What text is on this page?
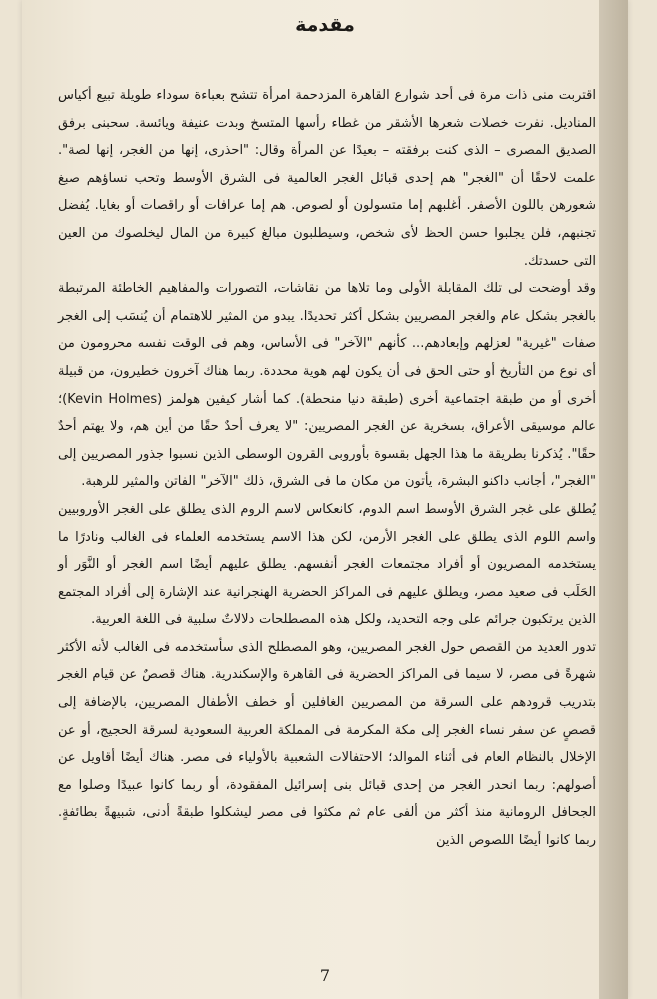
مقدمة

اقتربت منى ذات مرة فى أحد شوارع القاهرة المزدحمة امرأة تتشح بعباءة سوداء طويلة تبيع أكياس المناديل. نفرت خصلات شعرها الأشقر من غطاء رأسها المتسخ وبدت عنيفة ويائسة. سحبنى برفق الصديق المصرى – الذى كنت برفقته – بعيدًا عن المرأة وقال: "احذرى، إنها من الغجر، إنها لصة". علمت لاحقًا أن "الغجر" هم إحدى قبائل الغجر العالمية فى الشرق الأوسط وتحب نساؤهم صبغ شعورهن باللون الأصفر. أغلبهم إما متسولون أو لصوص. هم إما عرافات أو راقصات أو بغايا. يُفضل تجنبهم، فلن يجلبوا حسن الحظ لأى شخص، وسيطلبون مبالغ كبيرة من المال ليخلصوك من العين التى حسدتك.

وقد أوضحت لى تلك المقابلة الأولى وما تلاها من نقاشات، التصورات والمفاهيم الخاطئة المرتبطة بالغجر بشكل عام والغجر المصريين بشكل أكثر تحديدًا. يبدو من المثير للاهتمام أن يُنسَب إلى الغجر صفات "غيرية" لعزلهم وإبعادهم... كأنهم "الآخر" فى الأساس، وهم فى الوقت نفسه محرومون من أى نوع من التأريخ أو حتى الحق فى أن يكون لهم هوية محددة. ربما هناك آخرون خطيرون، من قبيلة أخرى أو من طبقة اجتماعية أخرى (طبقة دنيا منحطة). كما أشار كيفين هولمز (Kevin Holmes)؛ عالم موسيقى الأعراق، بسخرية عن الغجر المصريين: "لا يعرف أحدٌ حقًا من أين هم، ولا يهتم أحدٌ حقًا". يُذكرنا بطريقة ما هذا الجهل بقسوة بأوروبى القرون الوسطى الذين نسبوا جذور المصريين إلى "الغجر"، أجانب داكنو البشرة، يأتون من مكان ما فى الشرق، ذلك "الآخر" الفاتن والمثير للرهبة.

يُطلق على غجر الشرق الأوسط اسم الدوم، كانعكاس لاسم الروم الذى يطلق على الغجر الأوروبيين واسم اللوم الذى يطلق على الغجر الأرمن، لكن هذا الاسم يستخدمه العلماء فى الغالب ونادرًا ما يستخدمه المصريون أو أفراد مجتمعات الغجر أنفسهم. يطلق عليهم أيضًا اسم الغجر أو النَّوَر أو الحَلَب فى صعيد مصر، ويطلق عليهم فى المراكز الحضرية الهنجرانية عند الإشارة إلى أفراد المجتمع الذين يرتكبون جرائم على وجه التحديد، ولكل هذه المصطلحات دلالاتٌ سلبية فى اللغة العربية.

تدور العديد من القصص حول الغجر المصريين، وهو المصطلح الذى سأستخدمه فى الغالب لأنه الأكثر شهرةً فى مصر، لا سيما فى المراكز الحضرية فى القاهرة والإسكندرية. هناك قصصٌ عن قيام الغجر بتدريب قرودهم على السرقة من المصريين الغافلين أو خطف الأطفال المصريين، بالإضافة إلى قصصٍ عن سفر نساء الغجر إلى مكة المكرمة فى المملكة العربية السعودية لسرقة الحجيج، أو عن الإخلال بالنظام العام فى أثناء الموالد؛ الاحتفالات الشعبية بالأولياء فى مصر. هناك أيضًا أقاويل عن أصولهم: ربما انحدر الغجر من إحدى قبائل بنى إسرائيل المفقودة، أو ربما كانوا عبيدًا وصلوا مع الجحافل الرومانية منذ أكثر من ألفى عام ثم مكثوا فى مصر ليشكلوا طبقةً أدنى، شبيهةً بطائفةٍ. ربما كانوا أيضًا اللصوص الذين

7
